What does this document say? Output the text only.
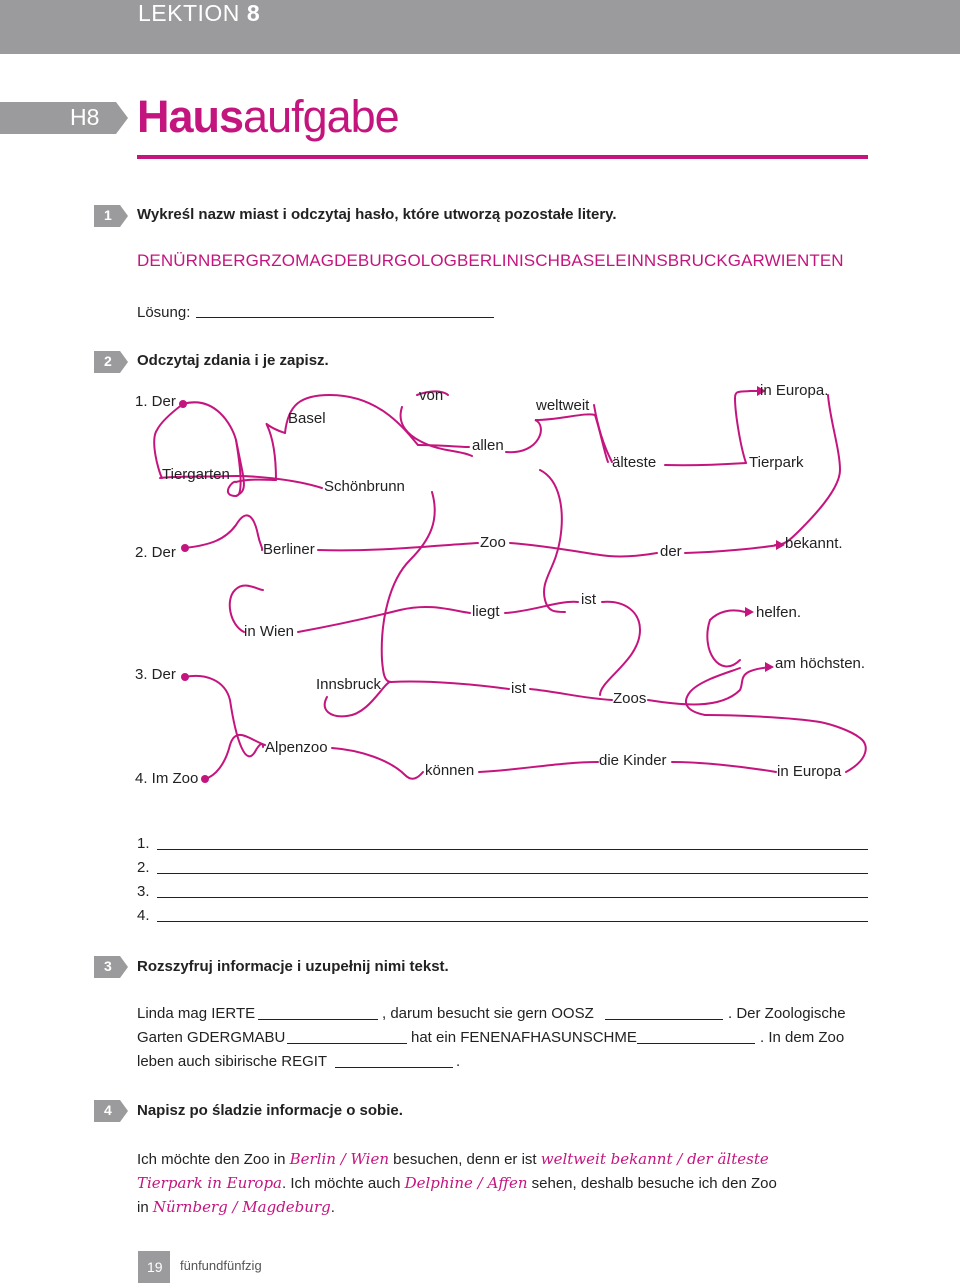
LEKTION 8
H8 Hausaufgabe
1 Wykreśl nazw miast i odczytaj hasło, które utworzą pozostałe litery.
DENÜRNBERGRZOMAGDEBURGOLOGBERLINISCHBASELEINNSBRUCKGARWIENTEN
Lösung:
2 Odczytaj zdania i je zapisz.
1. Der
Basel
von
weltweit
in Europa.
Tiergarten
Schönbrunn
allen
älteste	Tierpark
2. Der	Berliner	Zoo
der	bekannt.
in Wien
liegt
ist
helfen.
3. Der
Innsbruck	ist
Zoos
am höchsten.
4. Im Zoo
Alpenzoo
können
die Kinder
in Europa
1.
2.
3.
4.
3 Rozszyfruj informacje i uzupełnij nimi tekst.
Linda mag IERTE	, darum besucht sie gern OOSZ	. Der Zoologische
Garten GDERGMABU	hat ein FENENAFHASUNSCHME	. In dem Zoo
leben auch sibirische REGIT	.
4 Napisz po śladzie informacje o sobie.
Ich möchte den Zoo in Berlin / Wien besuchen, denn er ist weltweit bekannt / der älteste
Tierpark in Europa. Ich möchte auch Delphine / Affen sehen, deshalb besuche ich den Zoo
in Nürnberg / Magdeburg.
19 fünfundfünfzig
